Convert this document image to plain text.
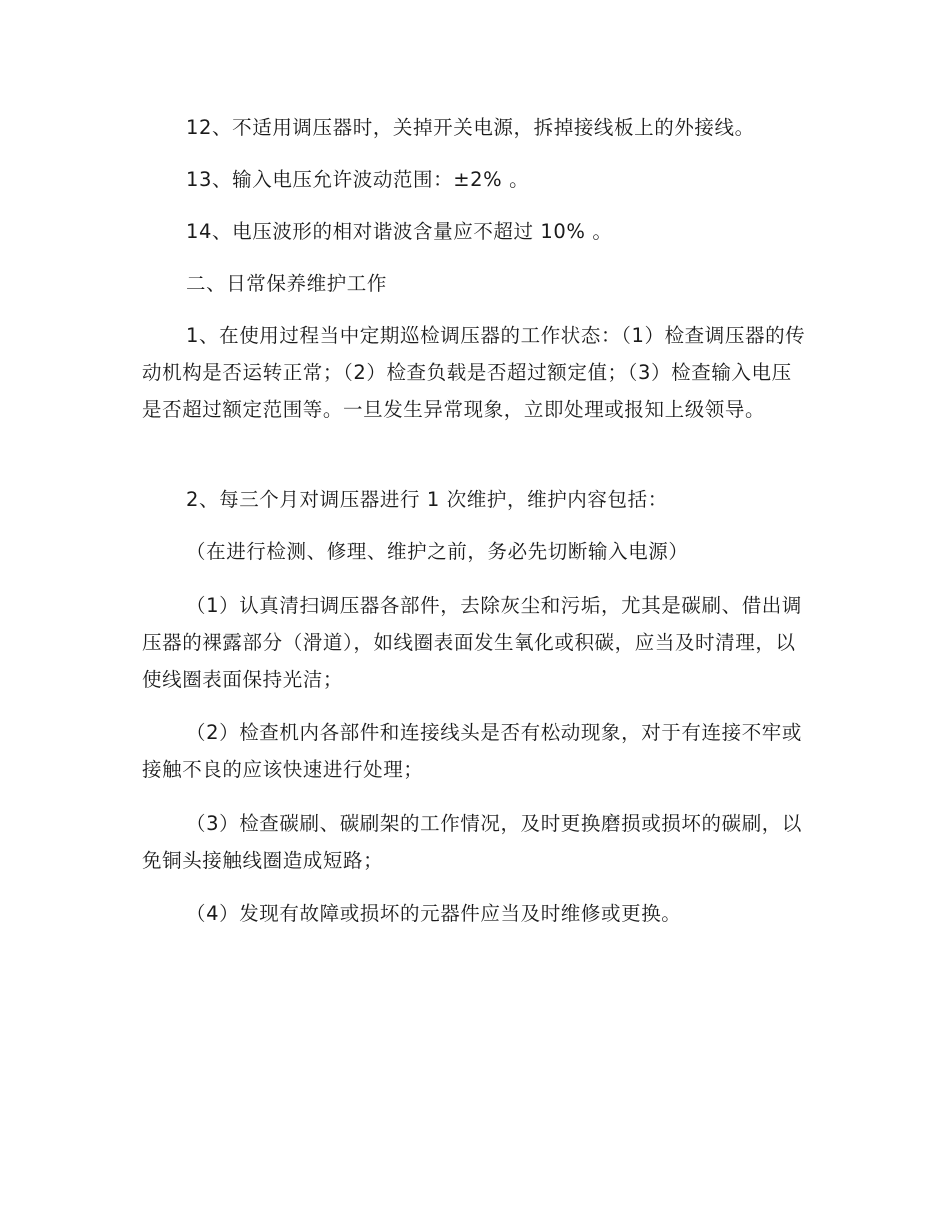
12、不适用调压器时，关掉开关电源，拆掉接线板上的外接线。

13、输入电压允许波动范围：±2% 。

14、电压波形的相对谐波含量应不超过 10% 。

二、日常保养维护工作

1、在使用过程当中定期巡检调压器的工作状态：（1）检查调压器的传动机构是否运转正常；（2）检查负载是否超过额定值；（3）检查输入电压是否超过额定范围等。一旦发生异常现象，立即处理或报知上级领导。

2、每三个月对调压器进行 1 次维护，维护内容包括：

（在进行检测、修理、维护之前，务必先切断输入电源）

（1）认真清扫调压器各部件，去除灰尘和污垢，尤其是碳刷、借出调压器的裸露部分（滑道），如线圈表面发生氧化或积碳，应当及时清理，以使线圈表面保持光洁；

（2）检查机内各部件和连接线头是否有松动现象，对于有连接不牢或接触不良的应该快速进行处理；

（3）检查碳刷、碳刷架的工作情况，及时更换磨损或损坏的碳刷，以免铜头接触线圈造成短路；

（4）发现有故障或损坏的元器件应当及时维修或更换。
